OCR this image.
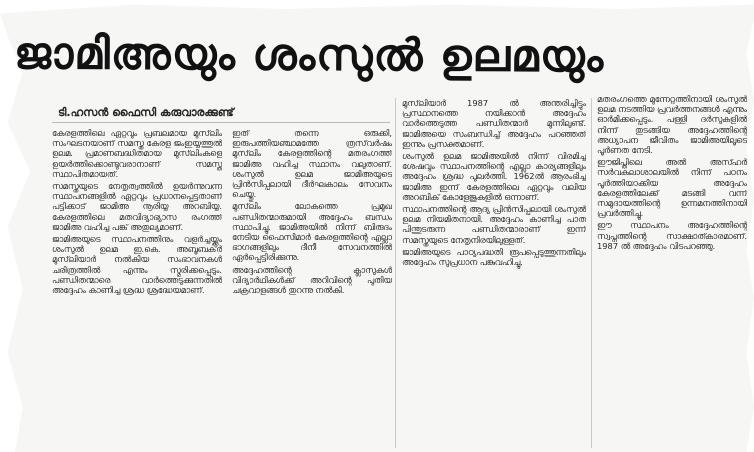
ജാമിഅയും ശംസുൽ ഉലമയും
ടി.ഹസൻ ഫൈസി കരുവാരക്കുണ്ട്

കേരളത്തിലെ ഏറ്റവും പ്രബലമായ മുസ്‌ലിം സംഘടനയാണ് സമസ്ത കേരള ജംഇയ്യത്തുൽ ഉലമ. പ്രമാണബദ്ധിതമായ മുസ്‌ലിംകളെ ഉയർത്തിക്കൊണ്ടുവരാനാണ് സമസ്ത സ്ഥാപിതമായത്.

സമസ്തയുടെ നേതൃത്വത്തിൽ ഉയർന്നുവന്ന സ്ഥാപനങ്ങളിൽ ഏറ്റവും പ്രധാനപ്പെട്ടതാണ് പട്ടിക്കാട് ജാമിഅ നൂരിയ്യ അറബിയ്യ. കേരളത്തിലെ മതവിദ്യാഭ്യാസ രംഗത്ത് ജാമിഅ വഹിച്ച പങ്ക് അതുല്യമാണ്.

ജാമിഅയുടെ സ്ഥാപനത്തിനും വളർച്ചയ്ക്കും ശംസുൽ ഉലമ ഇ.കെ. അബൂബക്ർ മുസ്‌ലിയാർ നൽകിയ സംഭാവനകൾ ചരിത്രത്തിൽ എന്നും സ്മരിക്കപ്പെടും. പണ്ഡിതന്മാരെ വാർത്തെടുക്കുന്നതിൽ അദ്ദേഹം കാണിച്ച ശ്രദ്ധ ശ്രദ്ധേയമാണ്.

ഇത് തന്നെ ഒരുക്കി, ഇരുപത്തിയഞ്ചാമത്തേ ത്രസ്‌വർഷം മുസ്‌ലിം കേരളത്തിന്റെ മതരംഗത്ത് ജാമിഅ വഹിച്ച സ്ഥാനം വലുതാണ്. ശംസുൽ ഉലമ ജാമിഅയുടെ പ്രിൻസിപ്പലായി ദീർഘകാലം സേവനം ചെയ്തു.

മുസ്‌ലിം ലോകത്തെ പ്രമുഖ പണ്ഡിതന്മാരുമായി അദ്ദേഹം ബന്ധം സ്ഥാപിച്ചു. ജാമിഅയിൽ നിന്ന് ബിരുദം നേടിയ ഫൈസിമാർ കേരളത്തിന്റെ എല്ലാ ഭാഗങ്ങളിലും ദീനീ സേവനത്തിൽ ഏർപ്പെട്ടിരിക്കുന്നു.

അദ്ദേഹത്തിന്റെ ക്ലാസുകൾ വിദ്യാർഥികൾക്ക് അറിവിന്റെ പുതിയ ചക്രവാളങ്ങൾ തുറന്നു നൽകി.

മുസ്‌ലിയാർ 1987 ൽ അന്തരിച്ചിട്ടും പ്രസ്ഥാനത്തെ നയിക്കാൻ അദ്ദേഹം വാർത്തെടുത്ത പണ്ഡിതന്മാർ മുന്നിലുണ്ട്. ജാമിഅയെ സംബന്ധിച്ച് അദ്ദേഹം പറഞ്ഞത് ഇന്നും പ്രസക്തമാണ്.

ശംസുൽ ഉലമ ജാമിഅയിൽ നിന്ന് വിരമിച്ച ശേഷവും സ്ഥാപനത്തിന്റെ എല്ലാ കാര്യങ്ങളിലും അദ്ദേഹം ശ്രദ്ധ പുലർത്തി. 1962ൽ ആരംഭിച്ച ജാമിഅ ഇന്ന് കേരളത്തിലെ ഏറ്റവും വലിയ അറബിക് കോളേജുകളിൽ ഒന്നാണ്.

സ്ഥാപനത്തിന്റെ ആദ്യ പ്രിൻസിപ്പലായി ശംസുൽ ഉലമ നിയമിതനായി. അദ്ദേഹം കാണിച്ച പാത പിന്തുടരുന്ന പണ്ഡിതന്മാരാണ് ഇന്ന് സമസ്തയുടെ നേതൃനിരയിലുള്ളത്.

ജാമിഅയുടെ പാഠ്യപദ്ധതി രൂപപ്പെടുത്തുന്നതിലും അദ്ദേഹം സുപ്രധാന പങ്കുവഹിച്ചു.

മതരംഗത്തെ മുന്നേറ്റത്തിനായി ശംസുൽ ഉലമ നടത്തിയ പ്രവർത്തനങ്ങൾ എന്നും ഓർമിക്കപ്പെടും. പള്ളി ദർസുകളിൽ നിന്ന് തുടങ്ങിയ അദ്ദേഹത്തിന്റെ അധ്യാപന ജീവിതം ജാമിഅയിലൂടെ പൂർണത നേടി.

ഈജിപ്തിലെ അൽ അസ്ഹർ സർവകലാശാലയിൽ നിന്ന് പഠനം പൂർത്തിയാക്കിയ അദ്ദേഹം കേരളത്തിലേക്ക് മടങ്ങി വന്ന് സമുദായത്തിന്റെ ഉന്നമനത്തിനായി പ്രവർത്തിച്ചു.

ഈ സ്ഥാപനം അദ്ദേഹത്തിന്റെ സ്വപ്നത്തിന്റെ സാക്ഷാത്കാരമാണ്. 1987 ൽ അദ്ദേഹം വിടപറഞ്ഞു.
